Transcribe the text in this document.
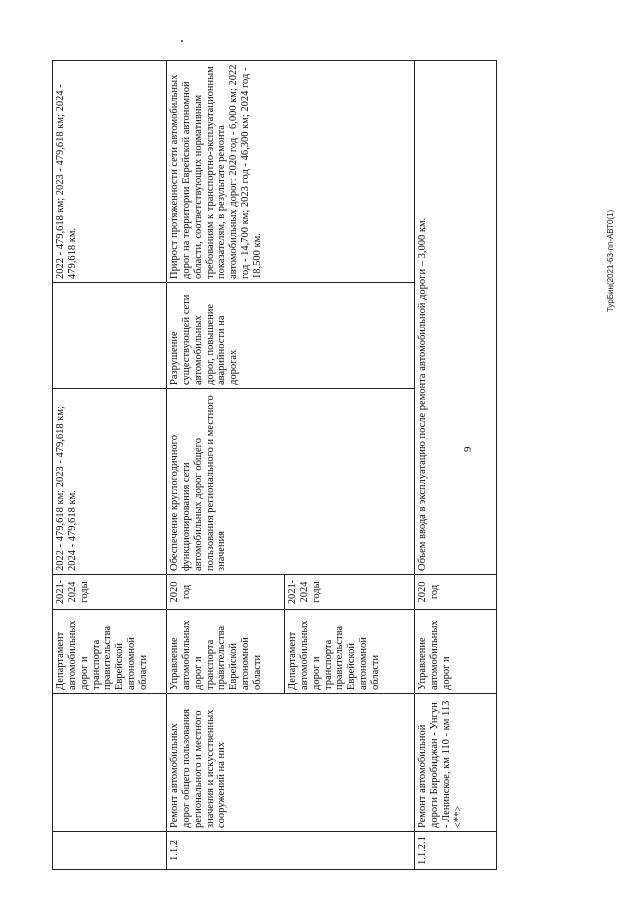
9
ТурБин(2021-63-пп-АВТ0(1)
		Департамент автомобильных дорог и транспорта правительства Еврейской автономной области	2021-2024 годы	2022 - 479,618 км; 2023 - 479,618 км; 2024 - 479,618 км.		2022 - 479,618 км; 2023 - 479,618 км; 2024 - 479,618 км.
1.1.2	Ремонт автомобильных дорог общего пользования регионального и местного значения и искусственных сооружений на них	Управление автомобильных дорог и транспорта правительства Еврейской автономной области	2020 год	Обеспечение круглогодичного функционирования сети автомобильных дорог общего пользования регионального и местного значения	Разрушение существующей сети автомобильных дорог, повышение аварийности на дорогах	Прирост протяженности сети автомобильных дорог на территории Еврейской автономной области, соответствующих нормативным требованиям к транспортно-эксплуатационным показателям, в результате ремонта автомобильных дорог: 2020 год - 6,000 км; 2022 год - 14,700 км; 2023 год - 46,300 км; 2024 год - 18,500 км.
		Департамент автомобильных дорог и транспорта правительства Еврейской автономной области	2021-2024 годы			
1.1.2.1	Ремонт автомобильной дороги Биробиджан - Унгун - Ленинское, км 110 - км 113 <**>	Управление автомобильных дорог и	2020 год	Объем ввода в эксплуатацию после ремонта автомобильной дороги – 3,000 км.		
